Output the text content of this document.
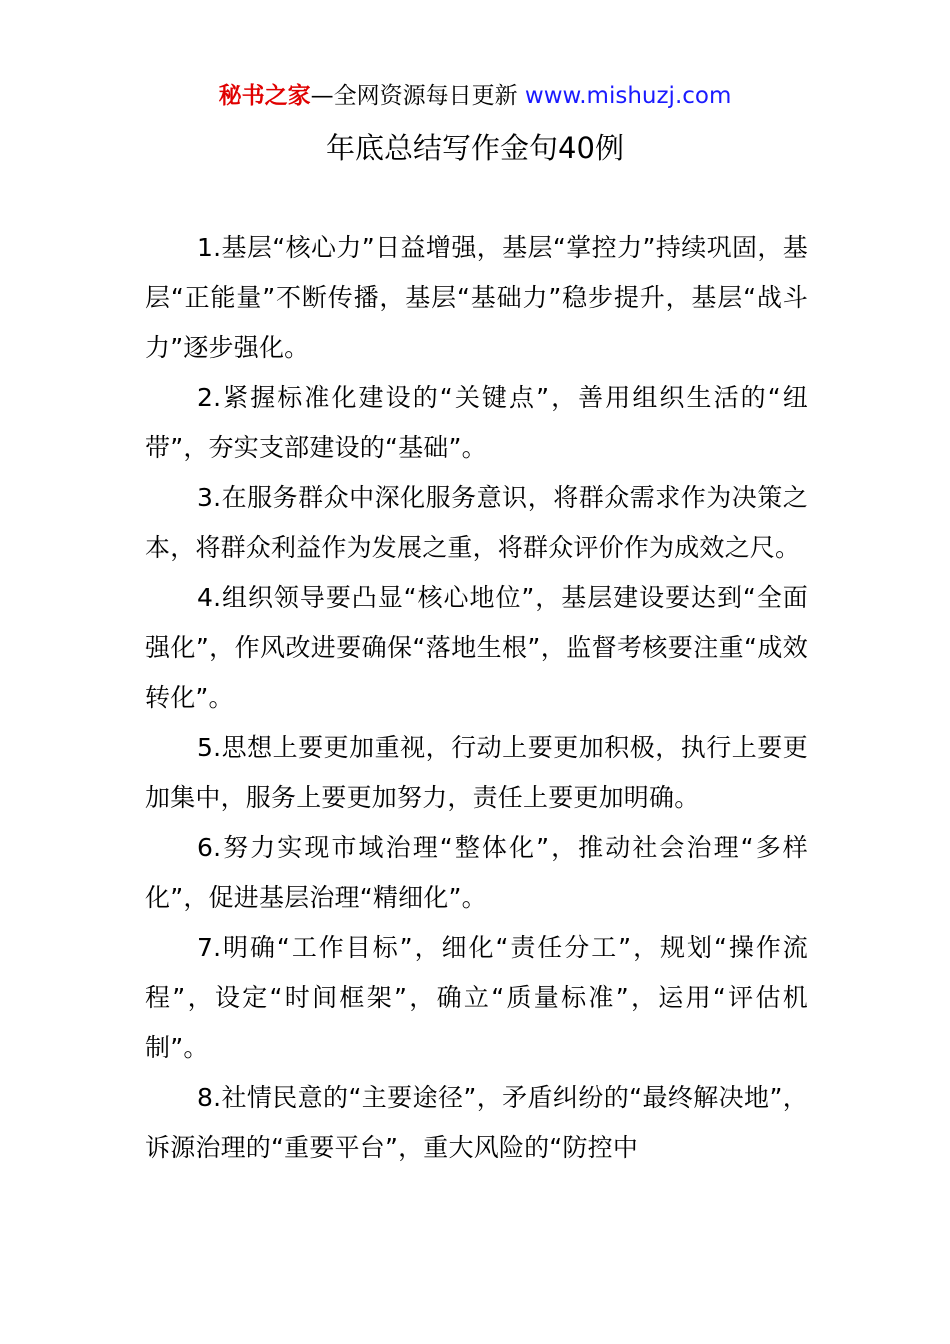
秘书之家—全网资源每日更新 www.mishuzj.com
年底总结写作金句40例

1.基层“核心力”日益增强，基层“掌控力”持续巩固，基层“正能量”不断传播，基层“基础力”稳步提升，基层“战斗力”逐步强化。

2.紧握标准化建设的“关键点”，善用组织生活的“纽带”，夯实支部建设的“基础”。

3.在服务群众中深化服务意识，将群众需求作为决策之本，将群众利益作为发展之重，将群众评价作为成效之尺。

4.组织领导要凸显“核心地位”，基层建设要达到“全面强化”，作风改进要确保“落地生根”，监督考核要注重“成效转化”。

5.思想上要更加重视，行动上要更加积极，执行上要更加集中，服务上要更加努力，责任上要更加明确。

6.努力实现市域治理“整体化”，推动社会治理“多样化”，促进基层治理“精细化”。

7.明确“工作目标”，细化“责任分工”，规划“操作流程”，设定“时间框架”，确立“质量标准”，运用“评估机制”。

8.社情民意的“主要途径”，矛盾纠纷的“最终解决地”，诉源治理的“重要平台”，重大风险的“防控中
